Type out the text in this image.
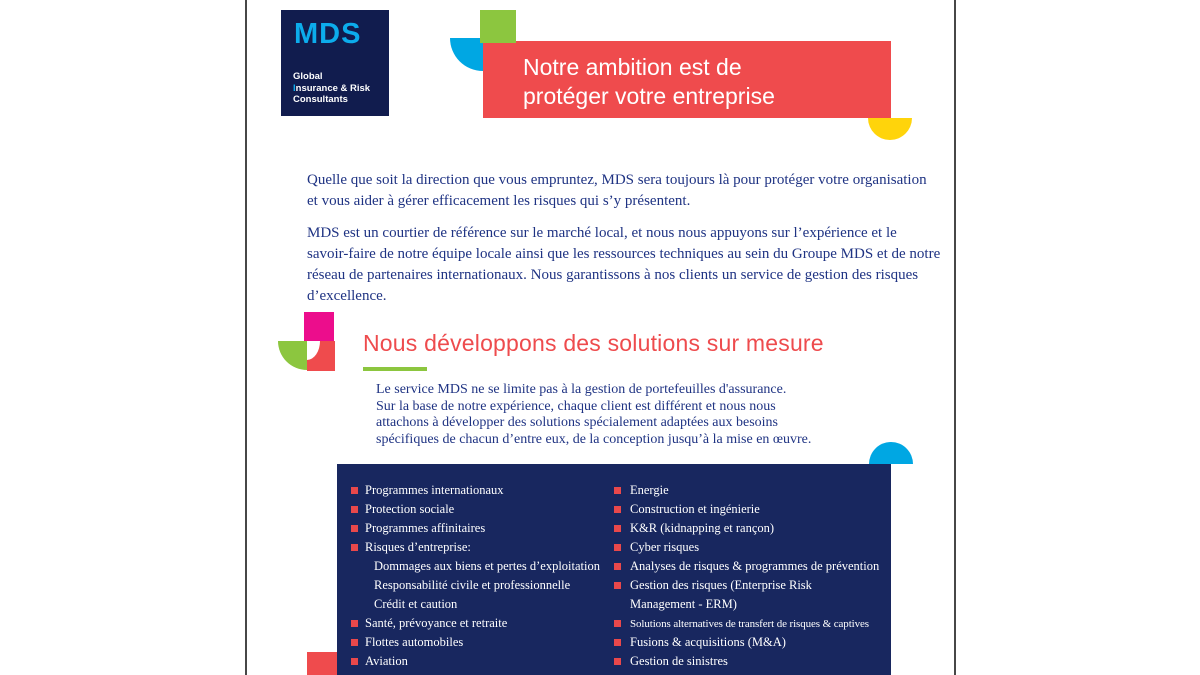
MDS
Global
Insurance & Risk
Consultants
Notre ambition est de
protéger votre entreprise
Quelle que soit la direction que vous empruntez, MDS sera toujours là pour protéger votre organisation
et vous aider à gérer efficacement les risques qui s’y présentent.
MDS est un courtier de référence sur le marché local, et nous nous appuyons sur l’expérience et le
savoir-faire de notre équipe locale ainsi que les ressources techniques au sein du Groupe MDS et de notre
réseau de partenaires internationaux. Nous garantissons à nos clients un service de gestion des risques
d’excellence.
Nous développons des solutions sur mesure
Le service MDS ne se limite pas à la gestion de portefeuilles d'assurance.
Sur la base de notre expérience, chaque client est différent et nous nous
attachons à développer des solutions spécialement adaptées aux besoins
spécifiques de chacun d’entre eux, de la conception jusqu’à la mise en œuvre.
Programmes internationaux
Protection sociale
Programmes affinitaires
Risques d’entreprise:
Dommages aux biens et pertes d’exploitation
Responsabilité civile et professionnelle
Crédit et caution
Santé, prévoyance et retraite
Flottes automobiles
Aviation
Energie
Construction et ingénierie
K&R (kidnapping et rançon)
Cyber risques
Analyses de risques & programmes de prévention
Gestion des risques (Enterprise Risk
Management - ERM)
Solutions alternatives de transfert de risques & captives
Fusions & acquisitions (M&A)
Gestion de sinistres
